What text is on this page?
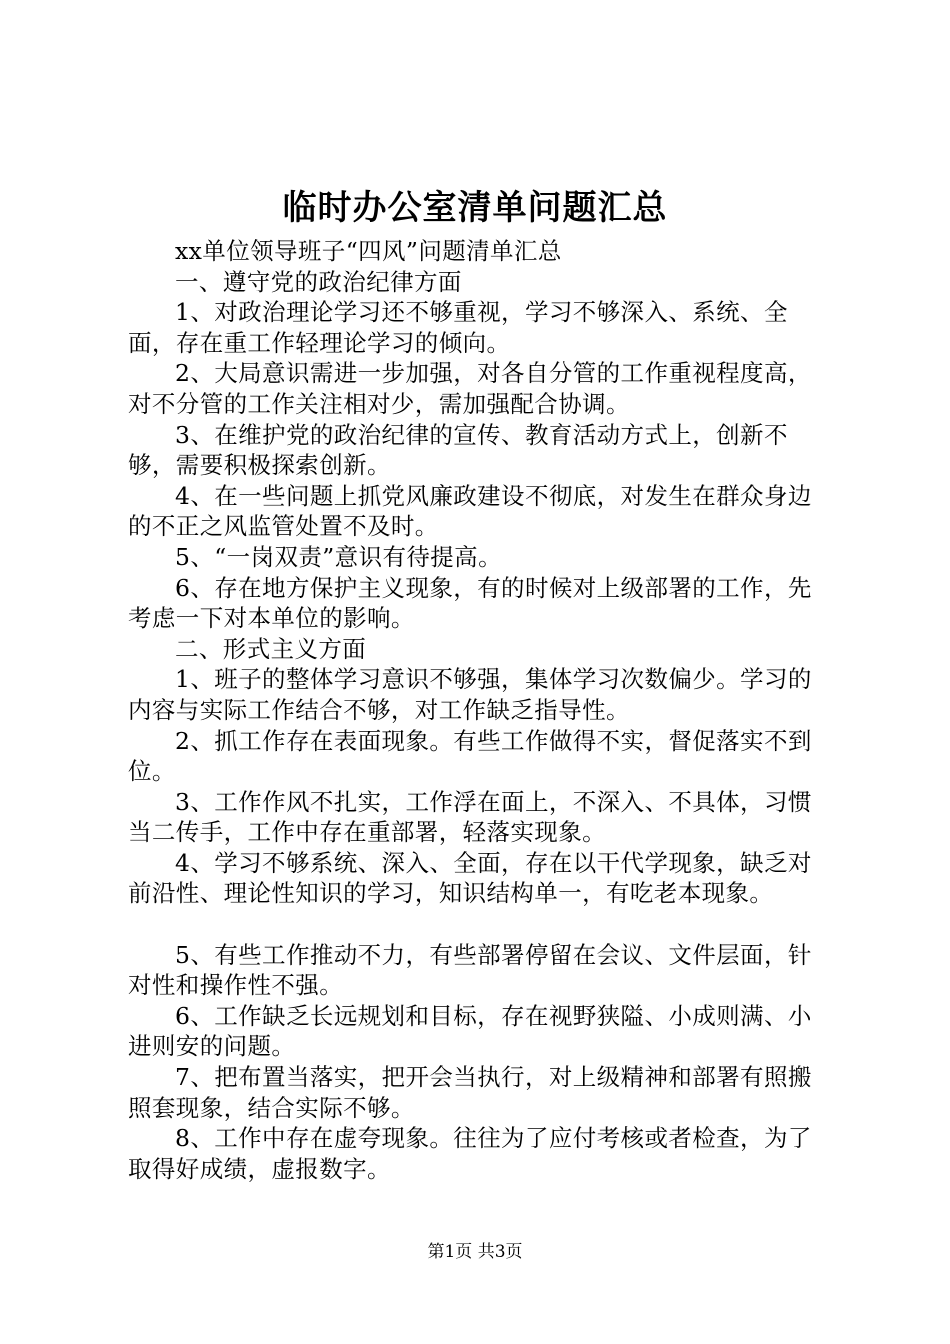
临时办公室清单问题汇总

xx单位领导班子“四风”问题清单汇总

一、遵守党的政治纪律方面

1、对政治理论学习还不够重视，学习不够深入、系统、全面，存在重工作轻理论学习的倾向。

2、大局意识需进一步加强，对各自分管的工作重视程度高，对不分管的工作关注相对少，需加强配合协调。

3、在维护党的政治纪律的宣传、教育活动方式上，创新不够，需要积极探索创新。

4、在一些问题上抓党风廉政建设不彻底，对发生在群众身边的不正之风监管处置不及时。

5、“一岗双责”意识有待提高。

6、存在地方保护主义现象，有的时候对上级部署的工作，先考虑一下对本单位的影响。

二、形式主义方面

1、班子的整体学习意识不够强，集体学习次数偏少。学习的内容与实际工作结合不够，对工作缺乏指导性。

2、抓工作存在表面现象。有些工作做得不实，督促落实不到位。

3、工作作风不扎实，工作浮在面上，不深入、不具体，习惯当二传手，工作中存在重部署，轻落实现象。

4、学习不够系统、深入、全面，存在以干代学现象，缺乏对前沿性、理论性知识的学习，知识结构单一，有吃老本现象。

5、有些工作推动不力，有些部署停留在会议、文件层面，针对性和操作性不强。

6、工作缺乏长远规划和目标，存在视野狭隘、小成则满、小进则安的问题。

7、把布置当落实，把开会当执行，对上级精神和部署有照搬照套现象，结合实际不够。

8、工作中存在虚夸现象。往往为了应付考核或者检查，为了取得好成绩，虚报数字。

第1页 共3页
